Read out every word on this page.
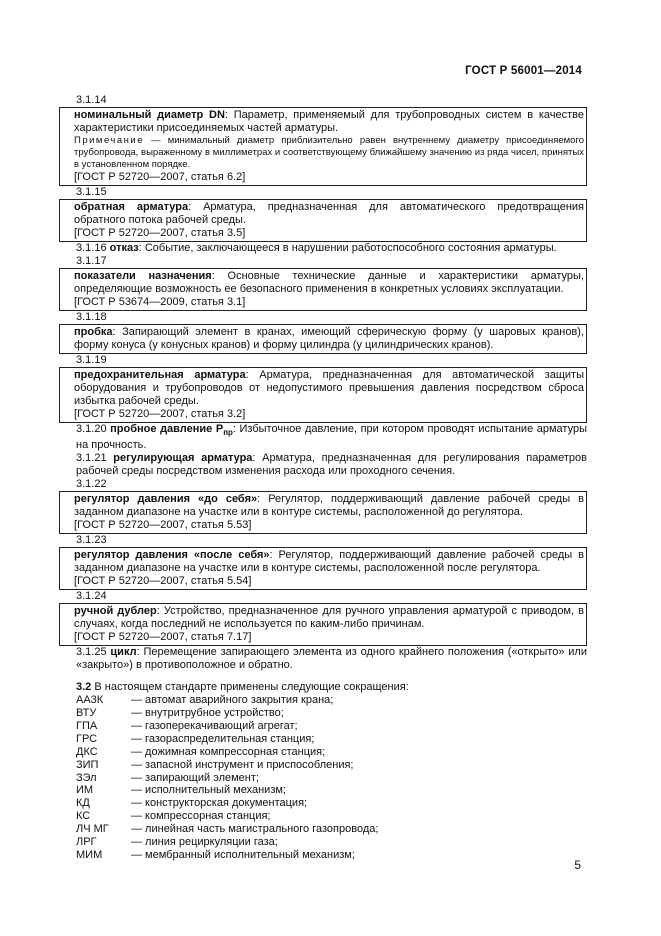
ГОСТ Р 56001—2014
3.1.14

номинальный диаметр DN: Параметр, применяемый для трубопроводных систем в качестве характеристики присоединяемых частей арматуры.

Примечание — минимальный диаметр приблизительно равен внутреннему диаметру присоединяемого трубопровода, выраженному в миллиметрах и соответствующему ближайшему значению из ряда чисел, принятых в установленном порядке.

[ГОСТ Р 52720—2007, статья 6.2]

3.1.15

обратная арматура: Арматура, предназначенная для автоматического предотвращения обратного потока рабочей среды.

[ГОСТ Р 52720—2007, статья 3.5]

3.1.16 отказ: Событие, заключающееся в нарушении работоспособного состояния арматуры.

3.1.17

показатели назначения: Основные технические данные и характеристики арматуры, определяющие возможность ее безопасного применения в конкретных условиях эксплуатации.

[ГОСТ Р 53674—2009, статья 3.1]

3.1.18

пробка: Запирающий элемент в кранах, имеющий сферическую форму (у шаровых кранов), форму конуса (у конусных кранов) и форму цилиндра (у цилиндрических кранов).

3.1.19

предохранительная арматура: Арматура, предназначенная для автоматической защиты оборудования и трубопроводов от недопустимого превышения давления посредством сброса избытка рабочей среды.

[ГОСТ Р 52720—2007, статья 3.2]

3.1.20 пробное давление $P_{пр}$: Избыточное давление, при котором проводят испытание арматуры на прочность.

3.1.21 регулирующая арматура: Арматура, предназначенная для регулирования параметров рабочей среды посредством изменения расхода или проходного сечения.

3.1.22

регулятор давления «до себя»: Регулятор, поддерживающий давление рабочей среды в заданном диапазоне на участке или в контуре системы, расположенной до регулятора.

[ГОСТ Р 52720—2007, статья 5.53]

3.1.23

регулятор давления «после себя»: Регулятор, поддерживающий давление рабочей среды в заданном диапазоне на участке или в контуре системы, расположенной после регулятора.

[ГОСТ Р 52720—2007, статья 5.54]

3.1.24

ручной дублер: Устройство, предназначенное для ручного управления арматурой с приводом, в случаях, когда последний не используется по каким-либо причинам.

[ГОСТ Р 52720—2007, статья 7.17]

3.1.25 цикл: Перемещение запирающего элемента из одного крайнего положения («открыто» или «закрыто») в противоположное и обратно.

3.2 В настоящем стандарте применены следующие сокращения:

АА3К	— автомат аварийного закрытия крана;
ВТУ	— внутритрубное устройство;
ГПА	— газоперекачивающий агрегат;
ГРС	— газораспределительная станция;
ДКС	— дожимная компрессорная станция;
ЗИП	— запасной инструмент и приспособления;
ЗЭл	— запирающий элемент;
ИМ	— исполнительный механизм;
КД	— конструкторская документация;
КС	— компрессорная станция;
ЛЧ МГ	— линейная часть магистрального газопровода;
ЛРГ	— линия рециркуляции газа;
МИМ	— мембранный исполнительный механизм;
5
